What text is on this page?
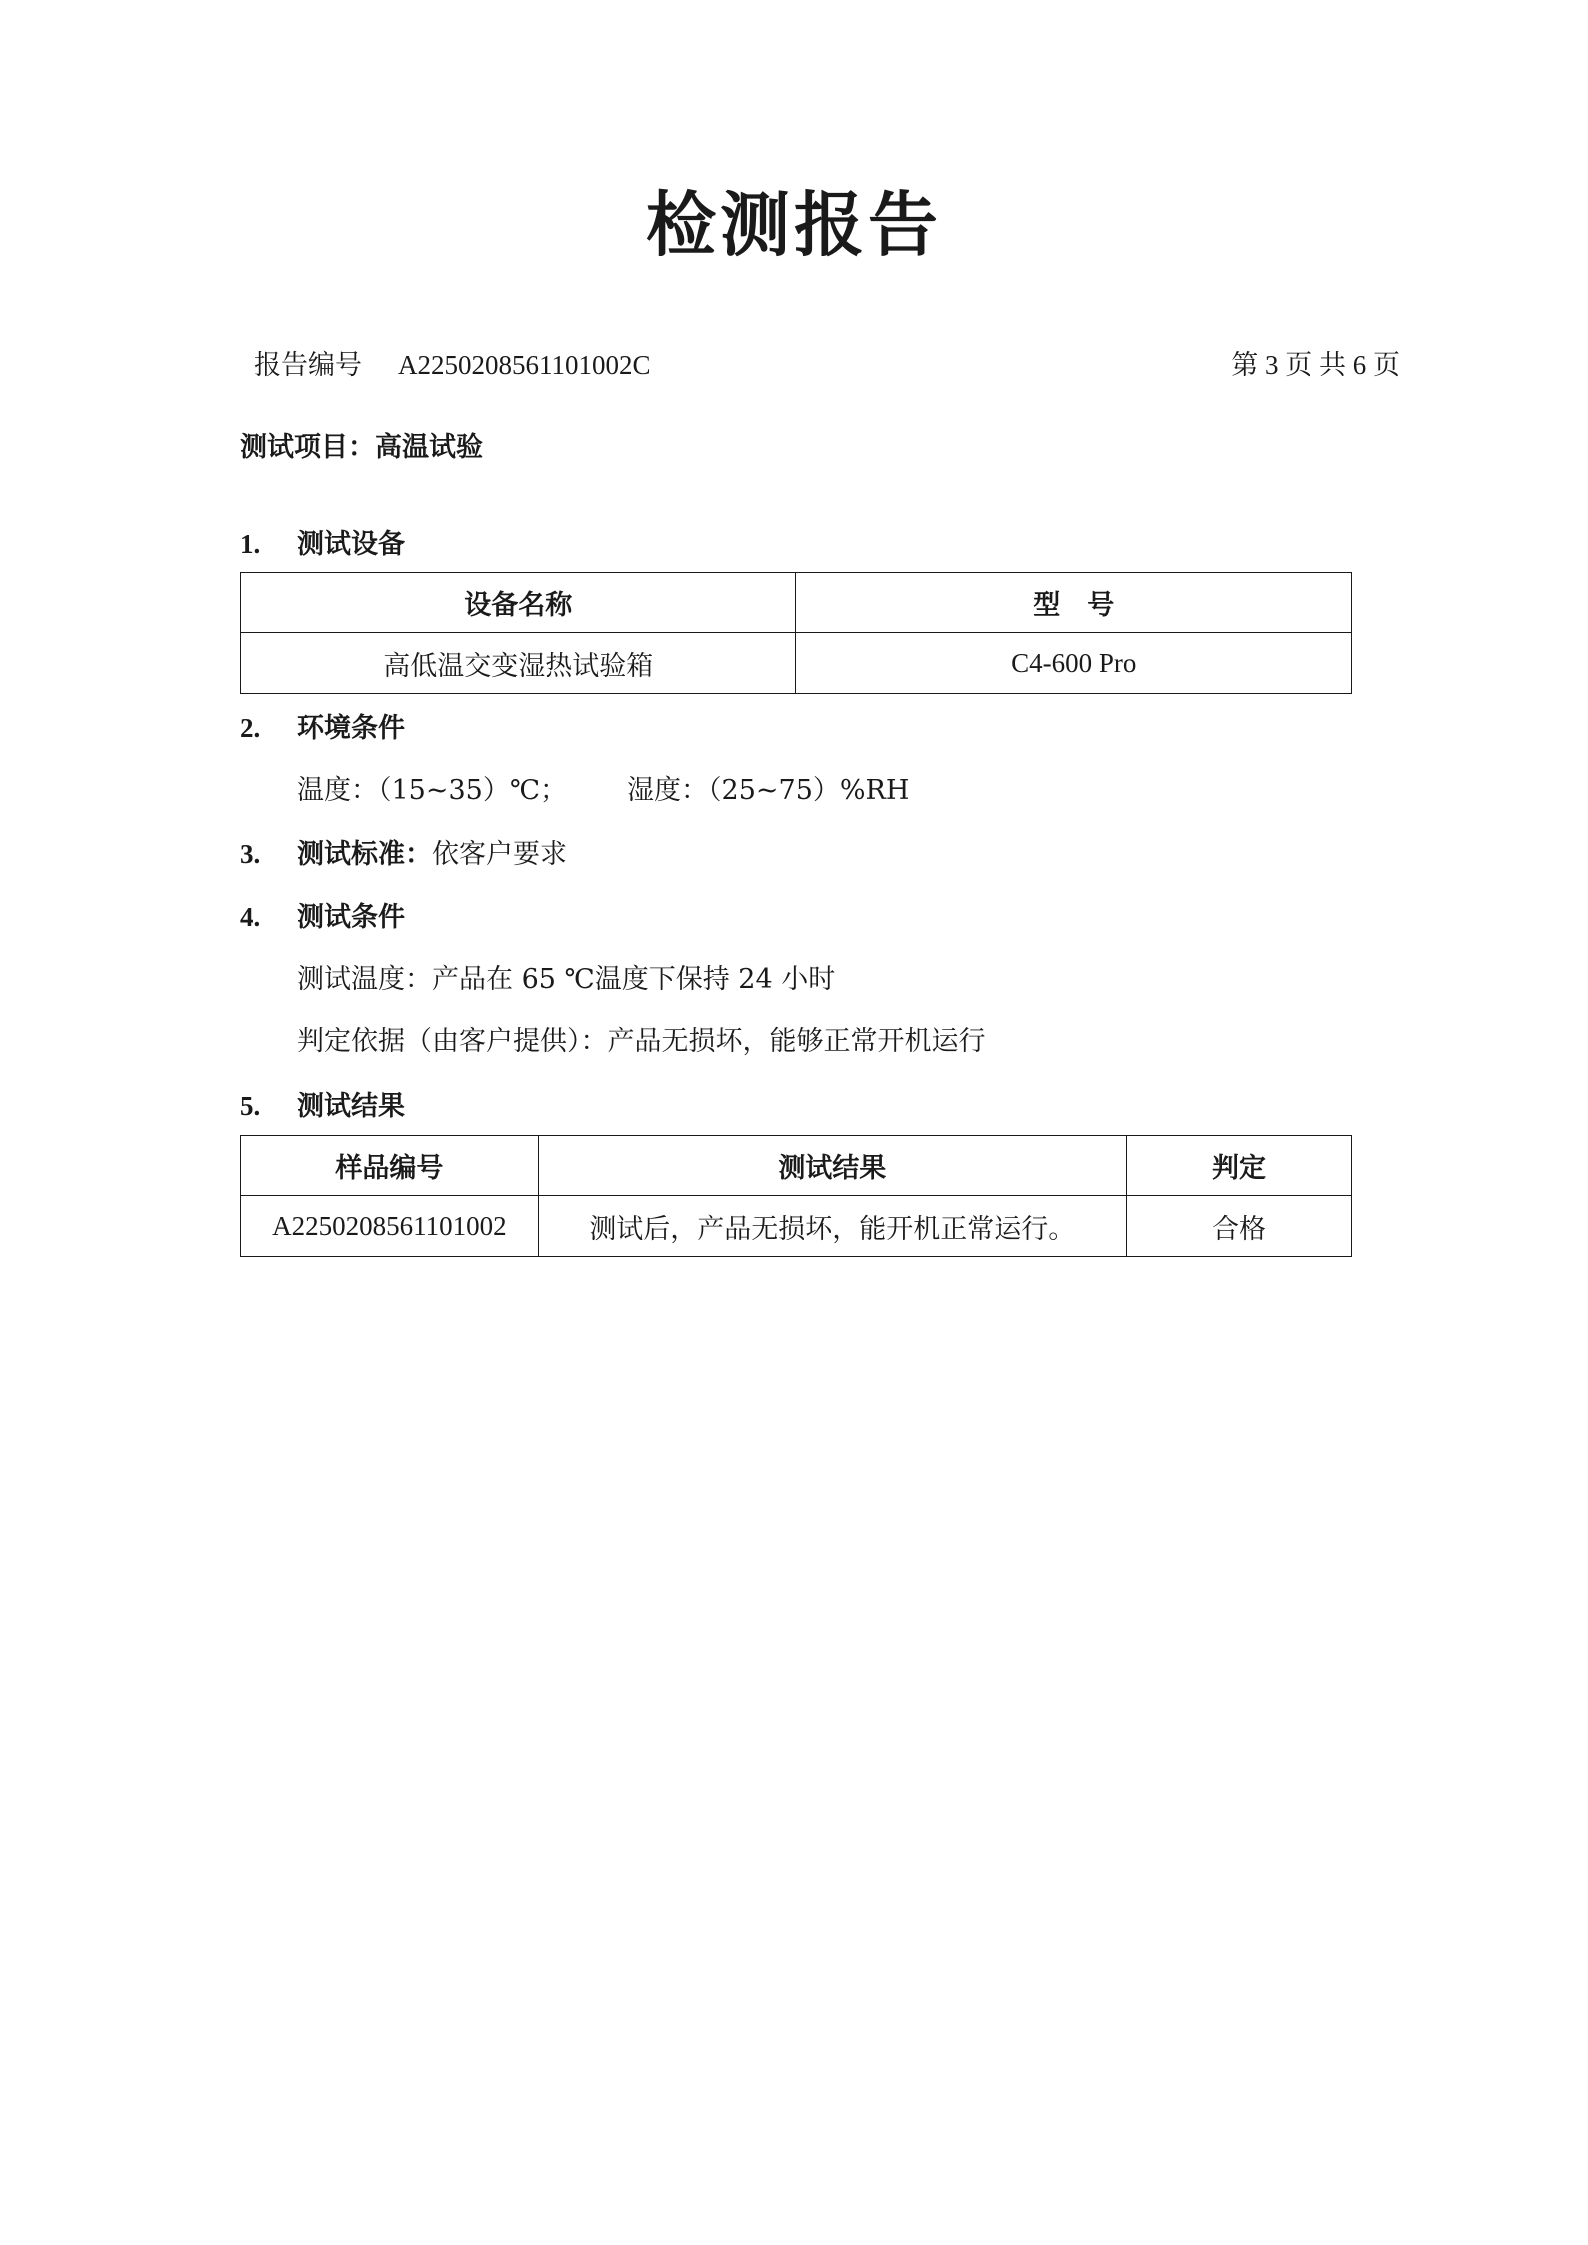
检测报告
报告编号 A2250208561101002C	第 3 页 共 6 页
测试项目：高温试验
1. 测试设备
设备名称	型　号
高低温交变湿热试验箱	C4-600 Pro
2. 环境条件
温度：（15~35）℃； 湿度：（25~75）%RH
3. 测试标准：依客户要求
4. 测试条件
测试温度：产品在 65 ℃温度下保持 24 小时
判定依据（由客户提供）：产品无损坏，能够正常开机运行
5. 测试结果
样品编号	测试结果	判定
A2250208561101002	测试后，产品无损坏，能开机正常运行。	合格
